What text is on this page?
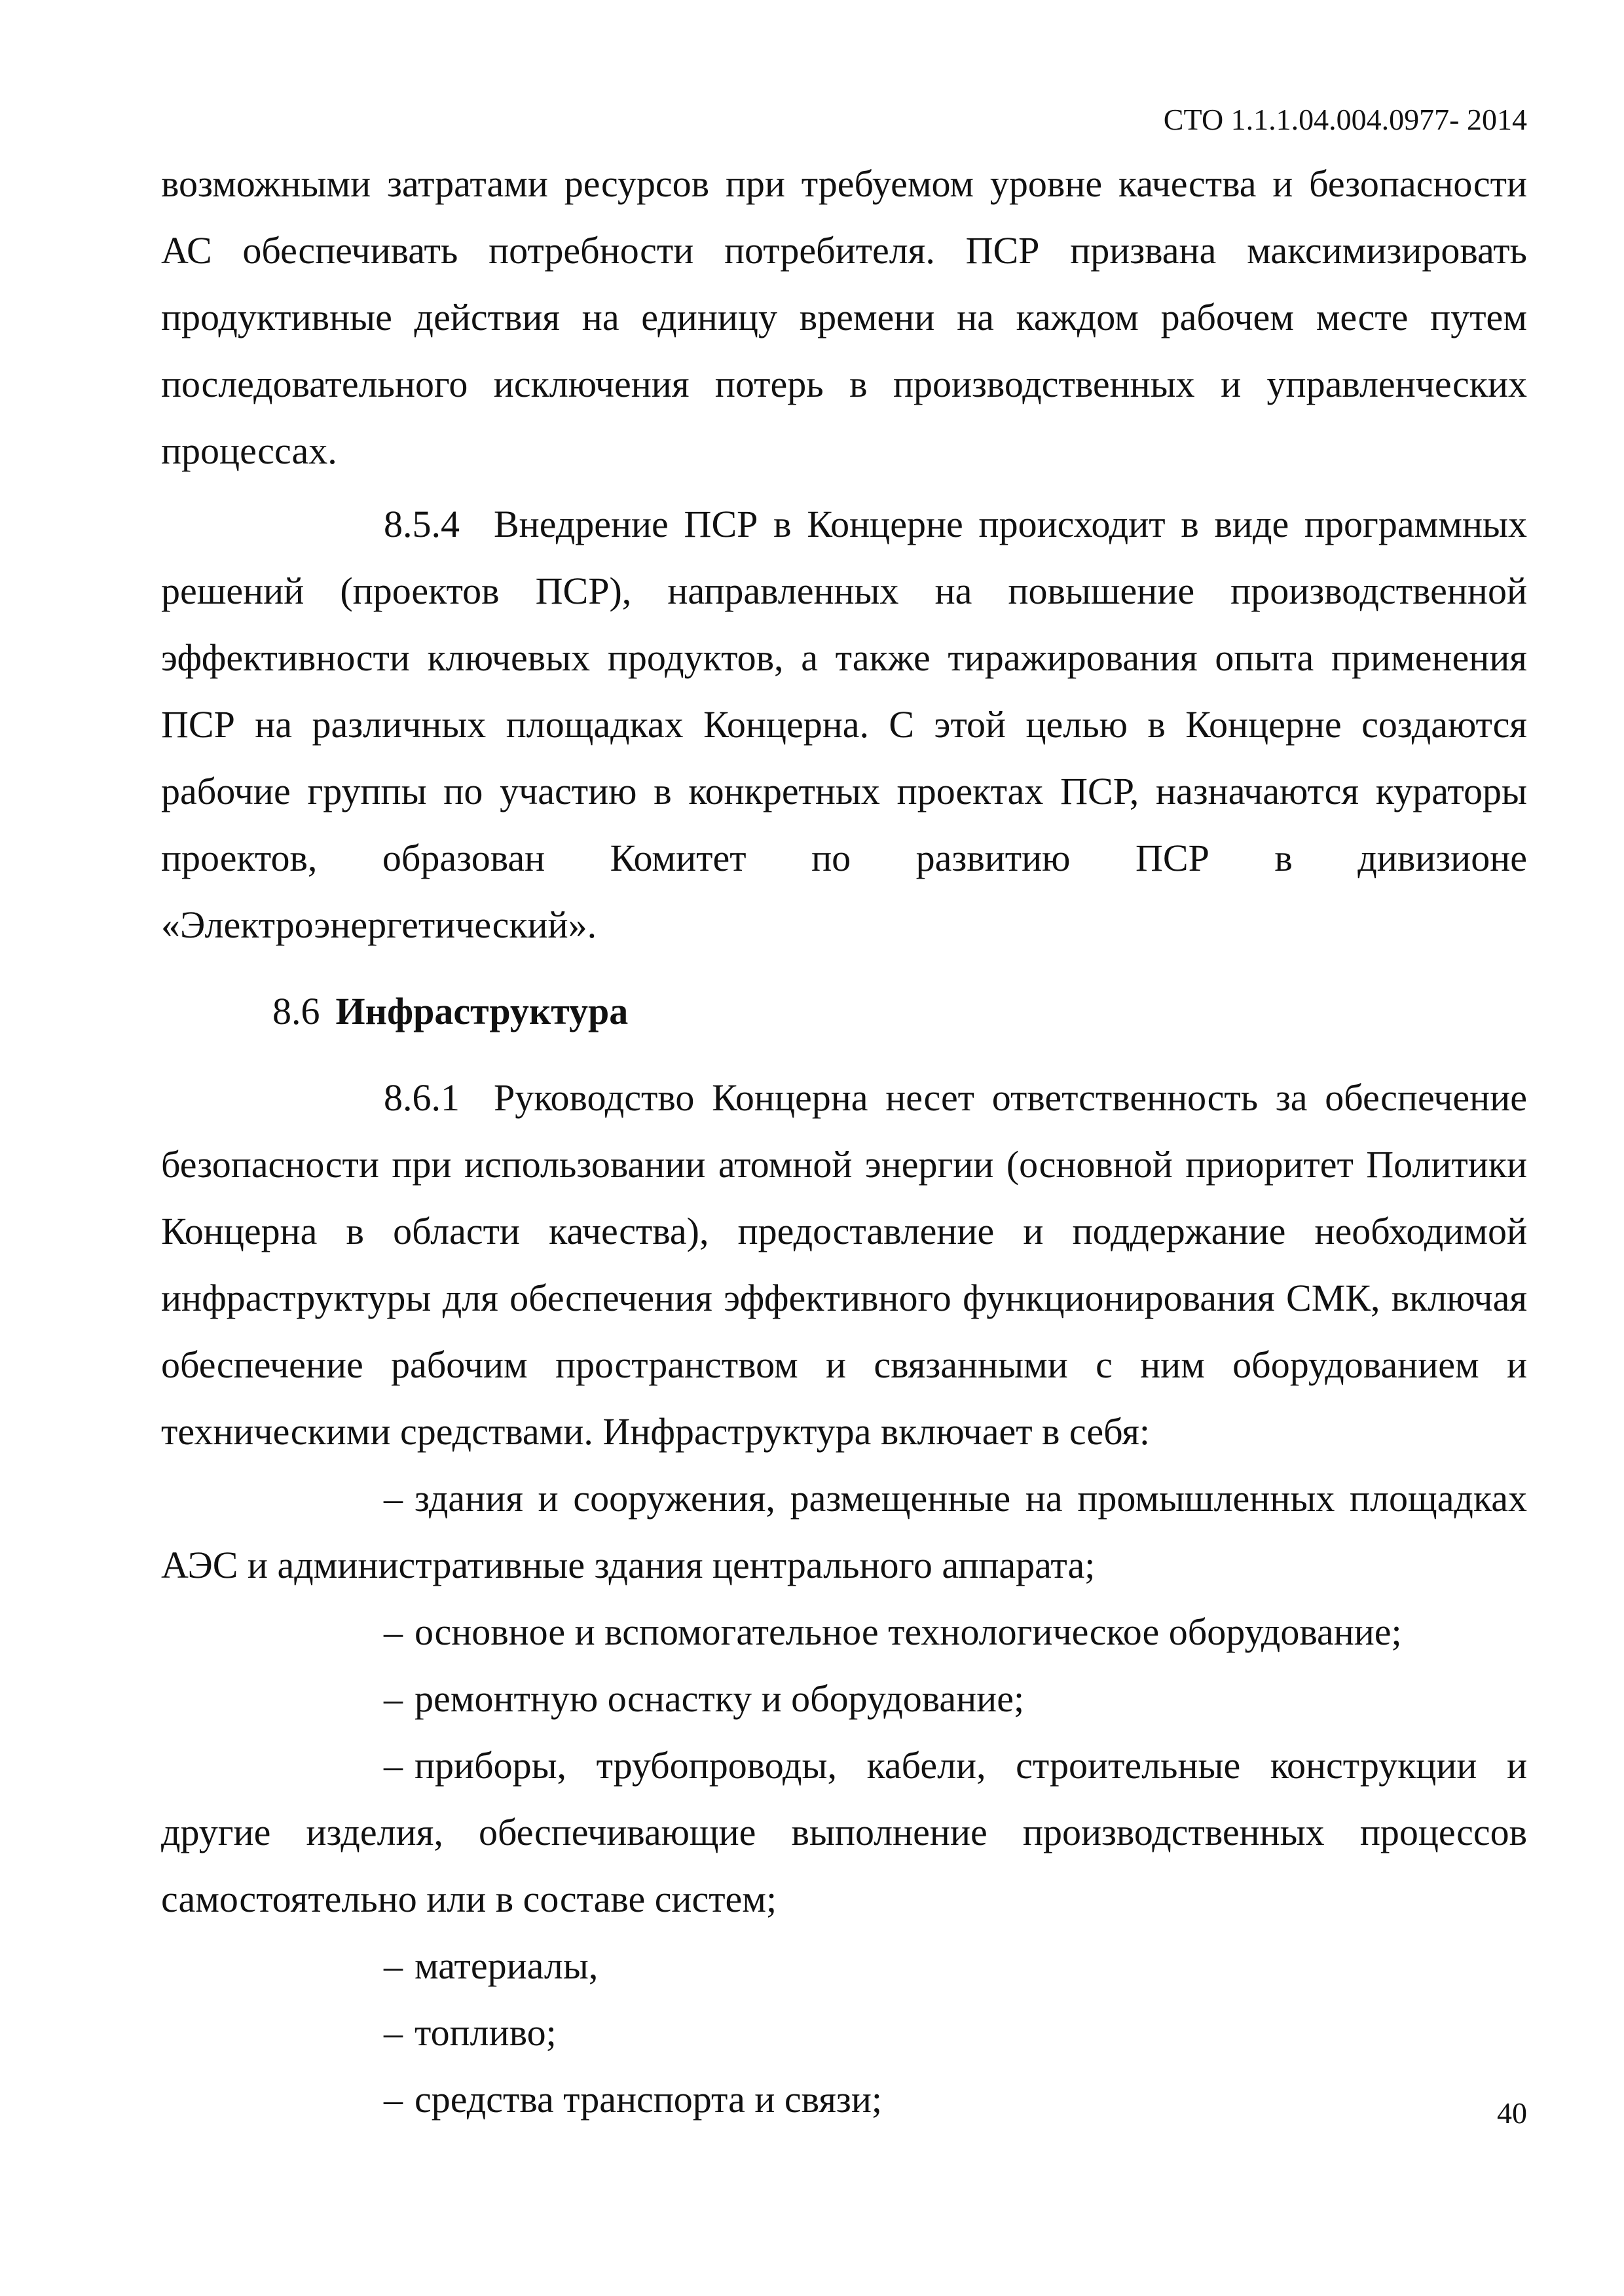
СТО 1.1.1.04.004.0977- 2014

возможными затратами ресурсов при требуемом уровне качества и безопасности АС обеспечивать потребности потребителя. ПСР призвана максимизировать продуктивные действия на единицу времени на каждом рабочем месте путем последовательного исключения потерь в производственных и управленческих процессах.

8.5.4 Внедрение ПСР в Концерне происходит в виде программных решений (проектов ПСР), направленных на повышение производственной эффективности ключевых продуктов, а также тиражирования опыта применения ПСР на различных площадках Концерна. С этой целью в Концерне создаются рабочие группы по участию в конкретных проектах ПСР, назначаются кураторы проектов, образован Комитет по развитию ПСР в дивизионе «Электроэнергетический».

8.6 Инфраструктура

8.6.1 Руководство Концерна несет ответственность за обеспечение безопасности при использовании атомной энергии (основной приоритет Политики Концерна в области качества), предоставление и поддержание необходимой инфраструктуры для обеспечения эффективного функционирования СМК, включая обеспечение рабочим пространством и связанными с ним оборудованием и техническими средствами. Инфраструктура включает в себя:

– здания и сооружения, размещенные на промышленных площадках АЭС и административные здания центрального аппарата;

– основное и вспомогательное технологическое оборудование;

– ремонтную оснастку и оборудование;

– приборы, трубопроводы, кабели, строительные конструкции и другие изделия, обеспечивающие выполнение производственных процессов самостоятельно или в составе систем;

– материалы,

– топливо;

– средства транспорта и связи;	40
